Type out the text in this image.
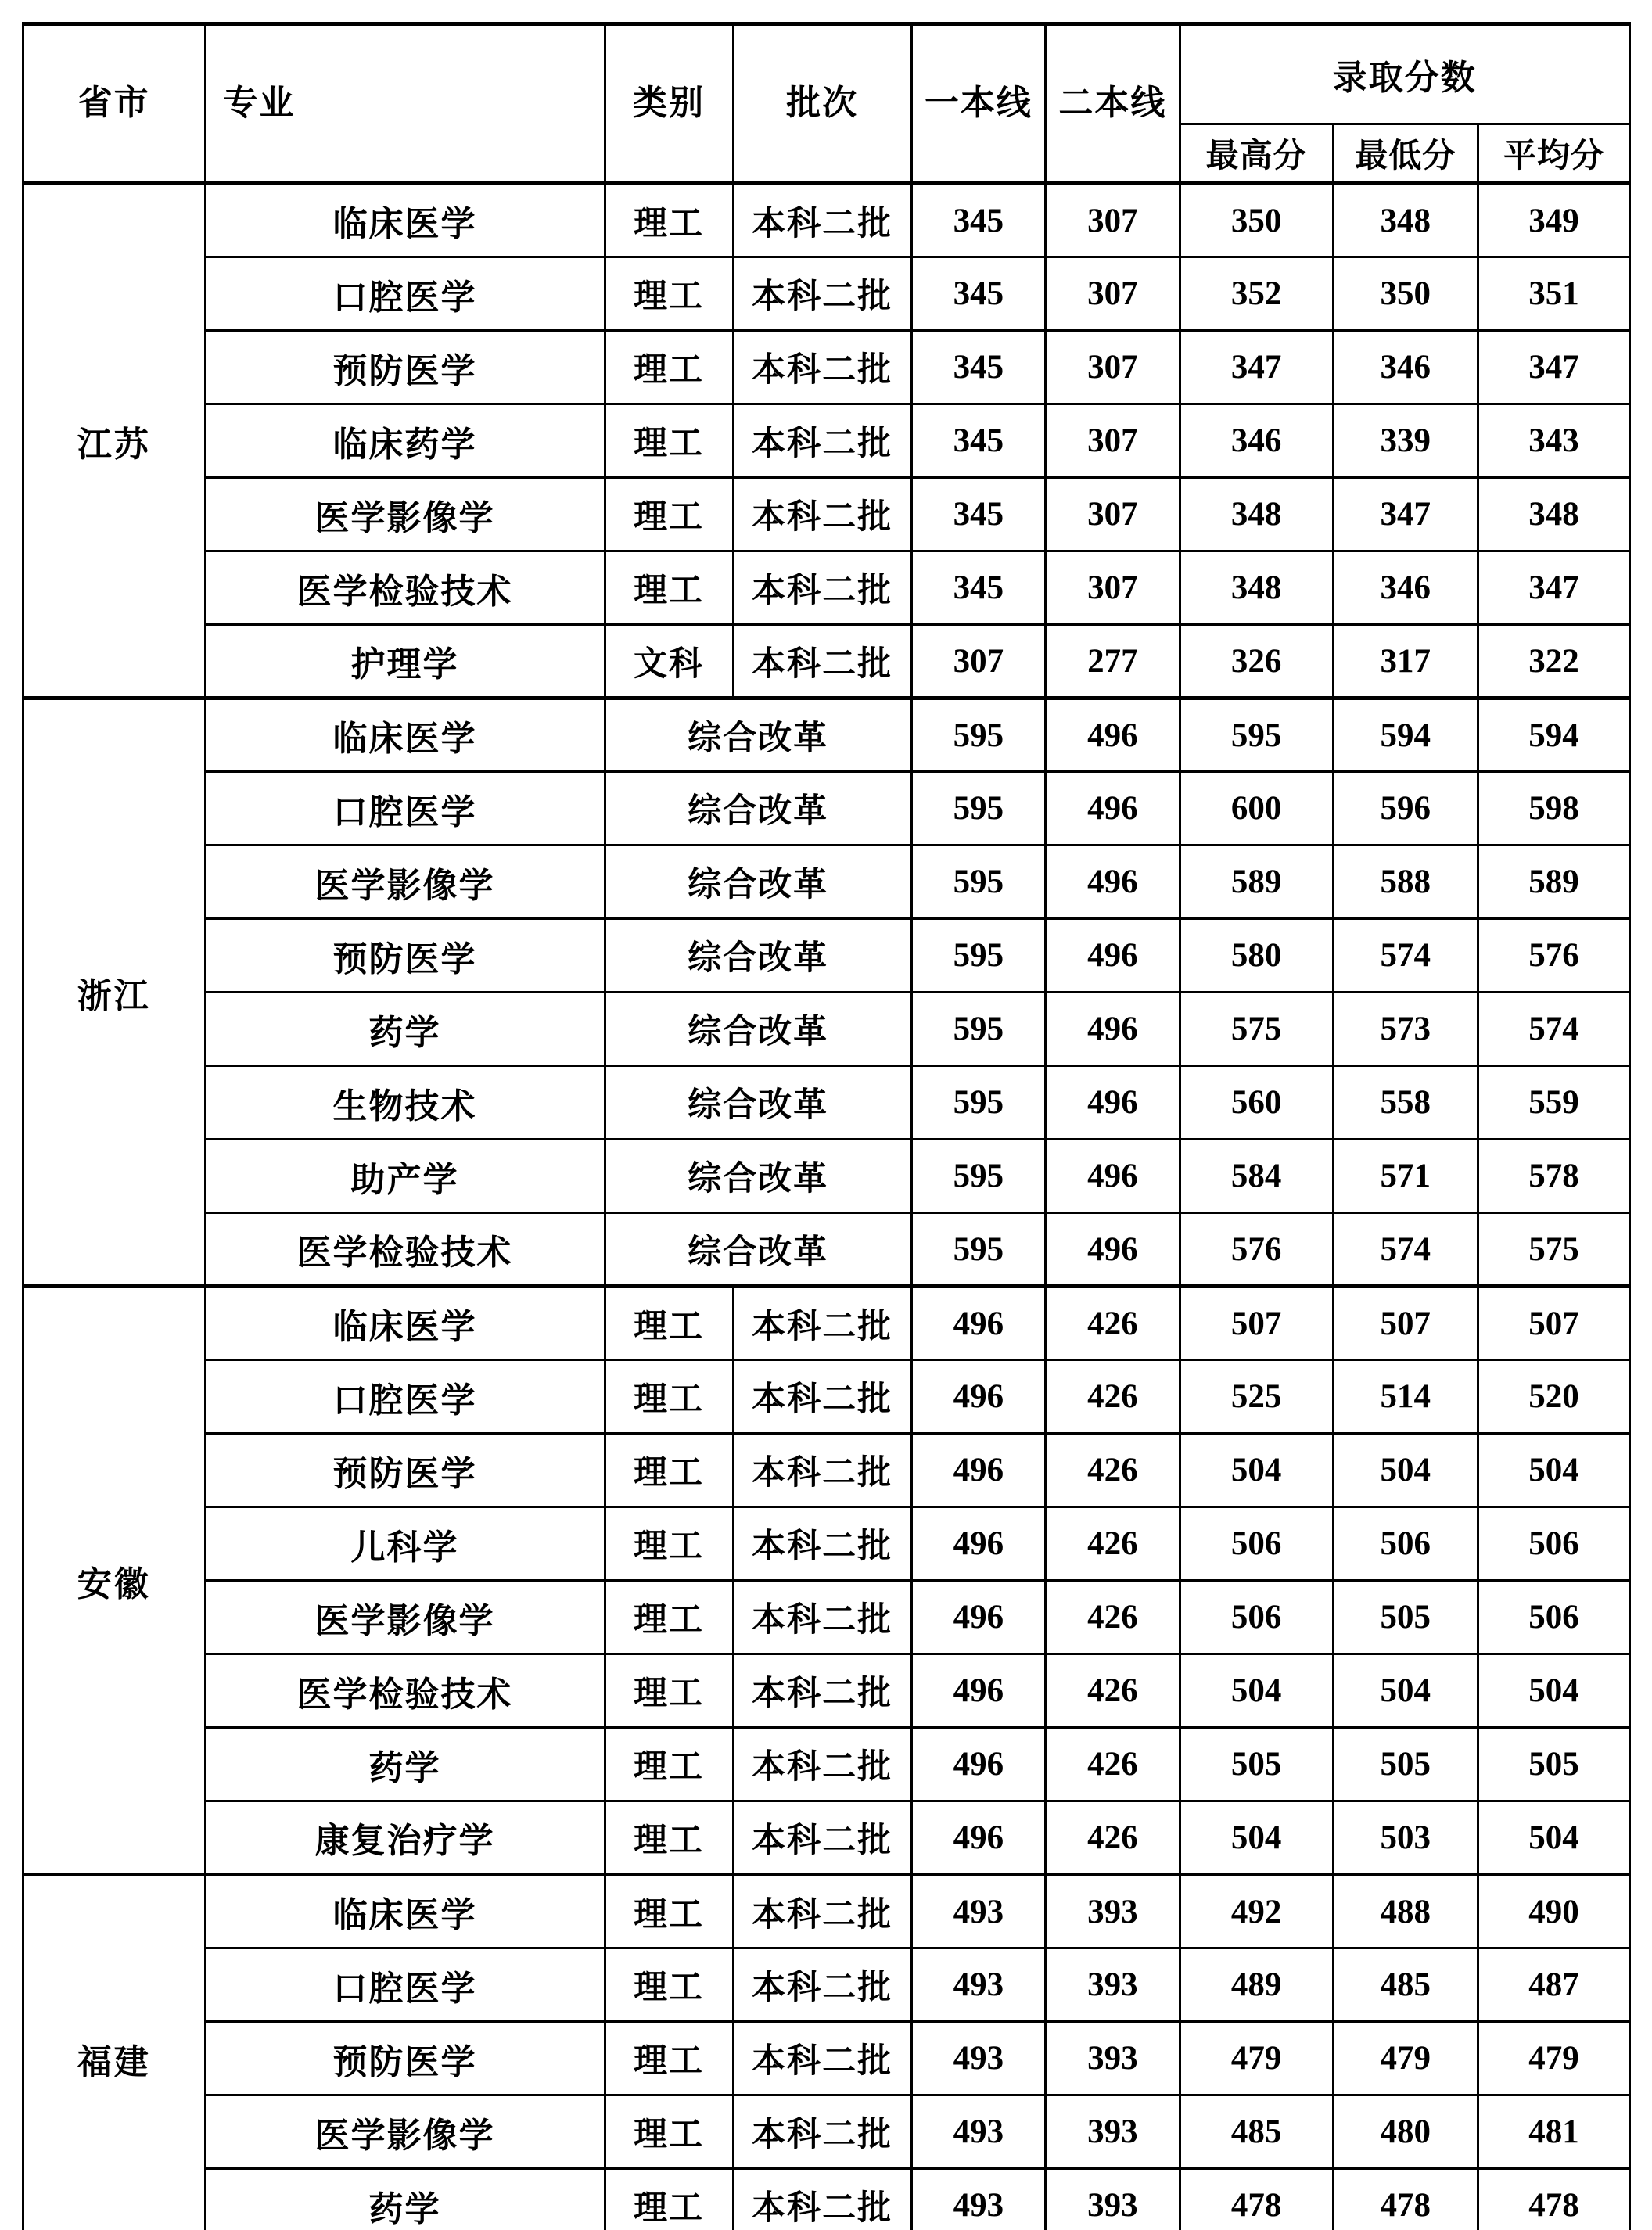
省市	专业	类别	批次	一本线	二本线	录取分数		
						最高分	最低分	平均分
江苏	临床医学	理工	本科二批	345	307	350	348	349
	口腔医学	理工	本科二批	345	307	352	350	351
	预防医学	理工	本科二批	345	307	347	346	347
	临床药学	理工	本科二批	345	307	346	339	343
	医学影像学	理工	本科二批	345	307	348	347	348
	医学检验技术	理工	本科二批	345	307	348	346	347
	护理学	文科	本科二批	307	277	326	317	322
浙江	临床医学	综合改革		595	496	595	594	594
	口腔医学	综合改革		595	496	600	596	598
	医学影像学	综合改革		595	496	589	588	589
	预防医学	综合改革		595	496	580	574	576
	药学	综合改革		595	496	575	573	574
	生物技术	综合改革		595	496	560	558	559
	助产学	综合改革		595	496	584	571	578
	医学检验技术	综合改革		595	496	576	574	575
安徽	临床医学	理工	本科二批	496	426	507	507	507
	口腔医学	理工	本科二批	496	426	525	514	520
	预防医学	理工	本科二批	496	426	504	504	504
	儿科学	理工	本科二批	496	426	506	506	506
	医学影像学	理工	本科二批	496	426	506	505	506
	医学检验技术	理工	本科二批	496	426	504	504	504
	药学	理工	本科二批	496	426	505	505	505
	康复治疗学	理工	本科二批	496	426	504	503	504
福建	临床医学	理工	本科二批	493	393	492	488	490
	口腔医学	理工	本科二批	493	393	489	485	487
	预防医学	理工	本科二批	493	393	479	479	479
	医学影像学	理工	本科二批	493	393	485	480	481
	药学	理工	本科二批	493	393	478	478	478
